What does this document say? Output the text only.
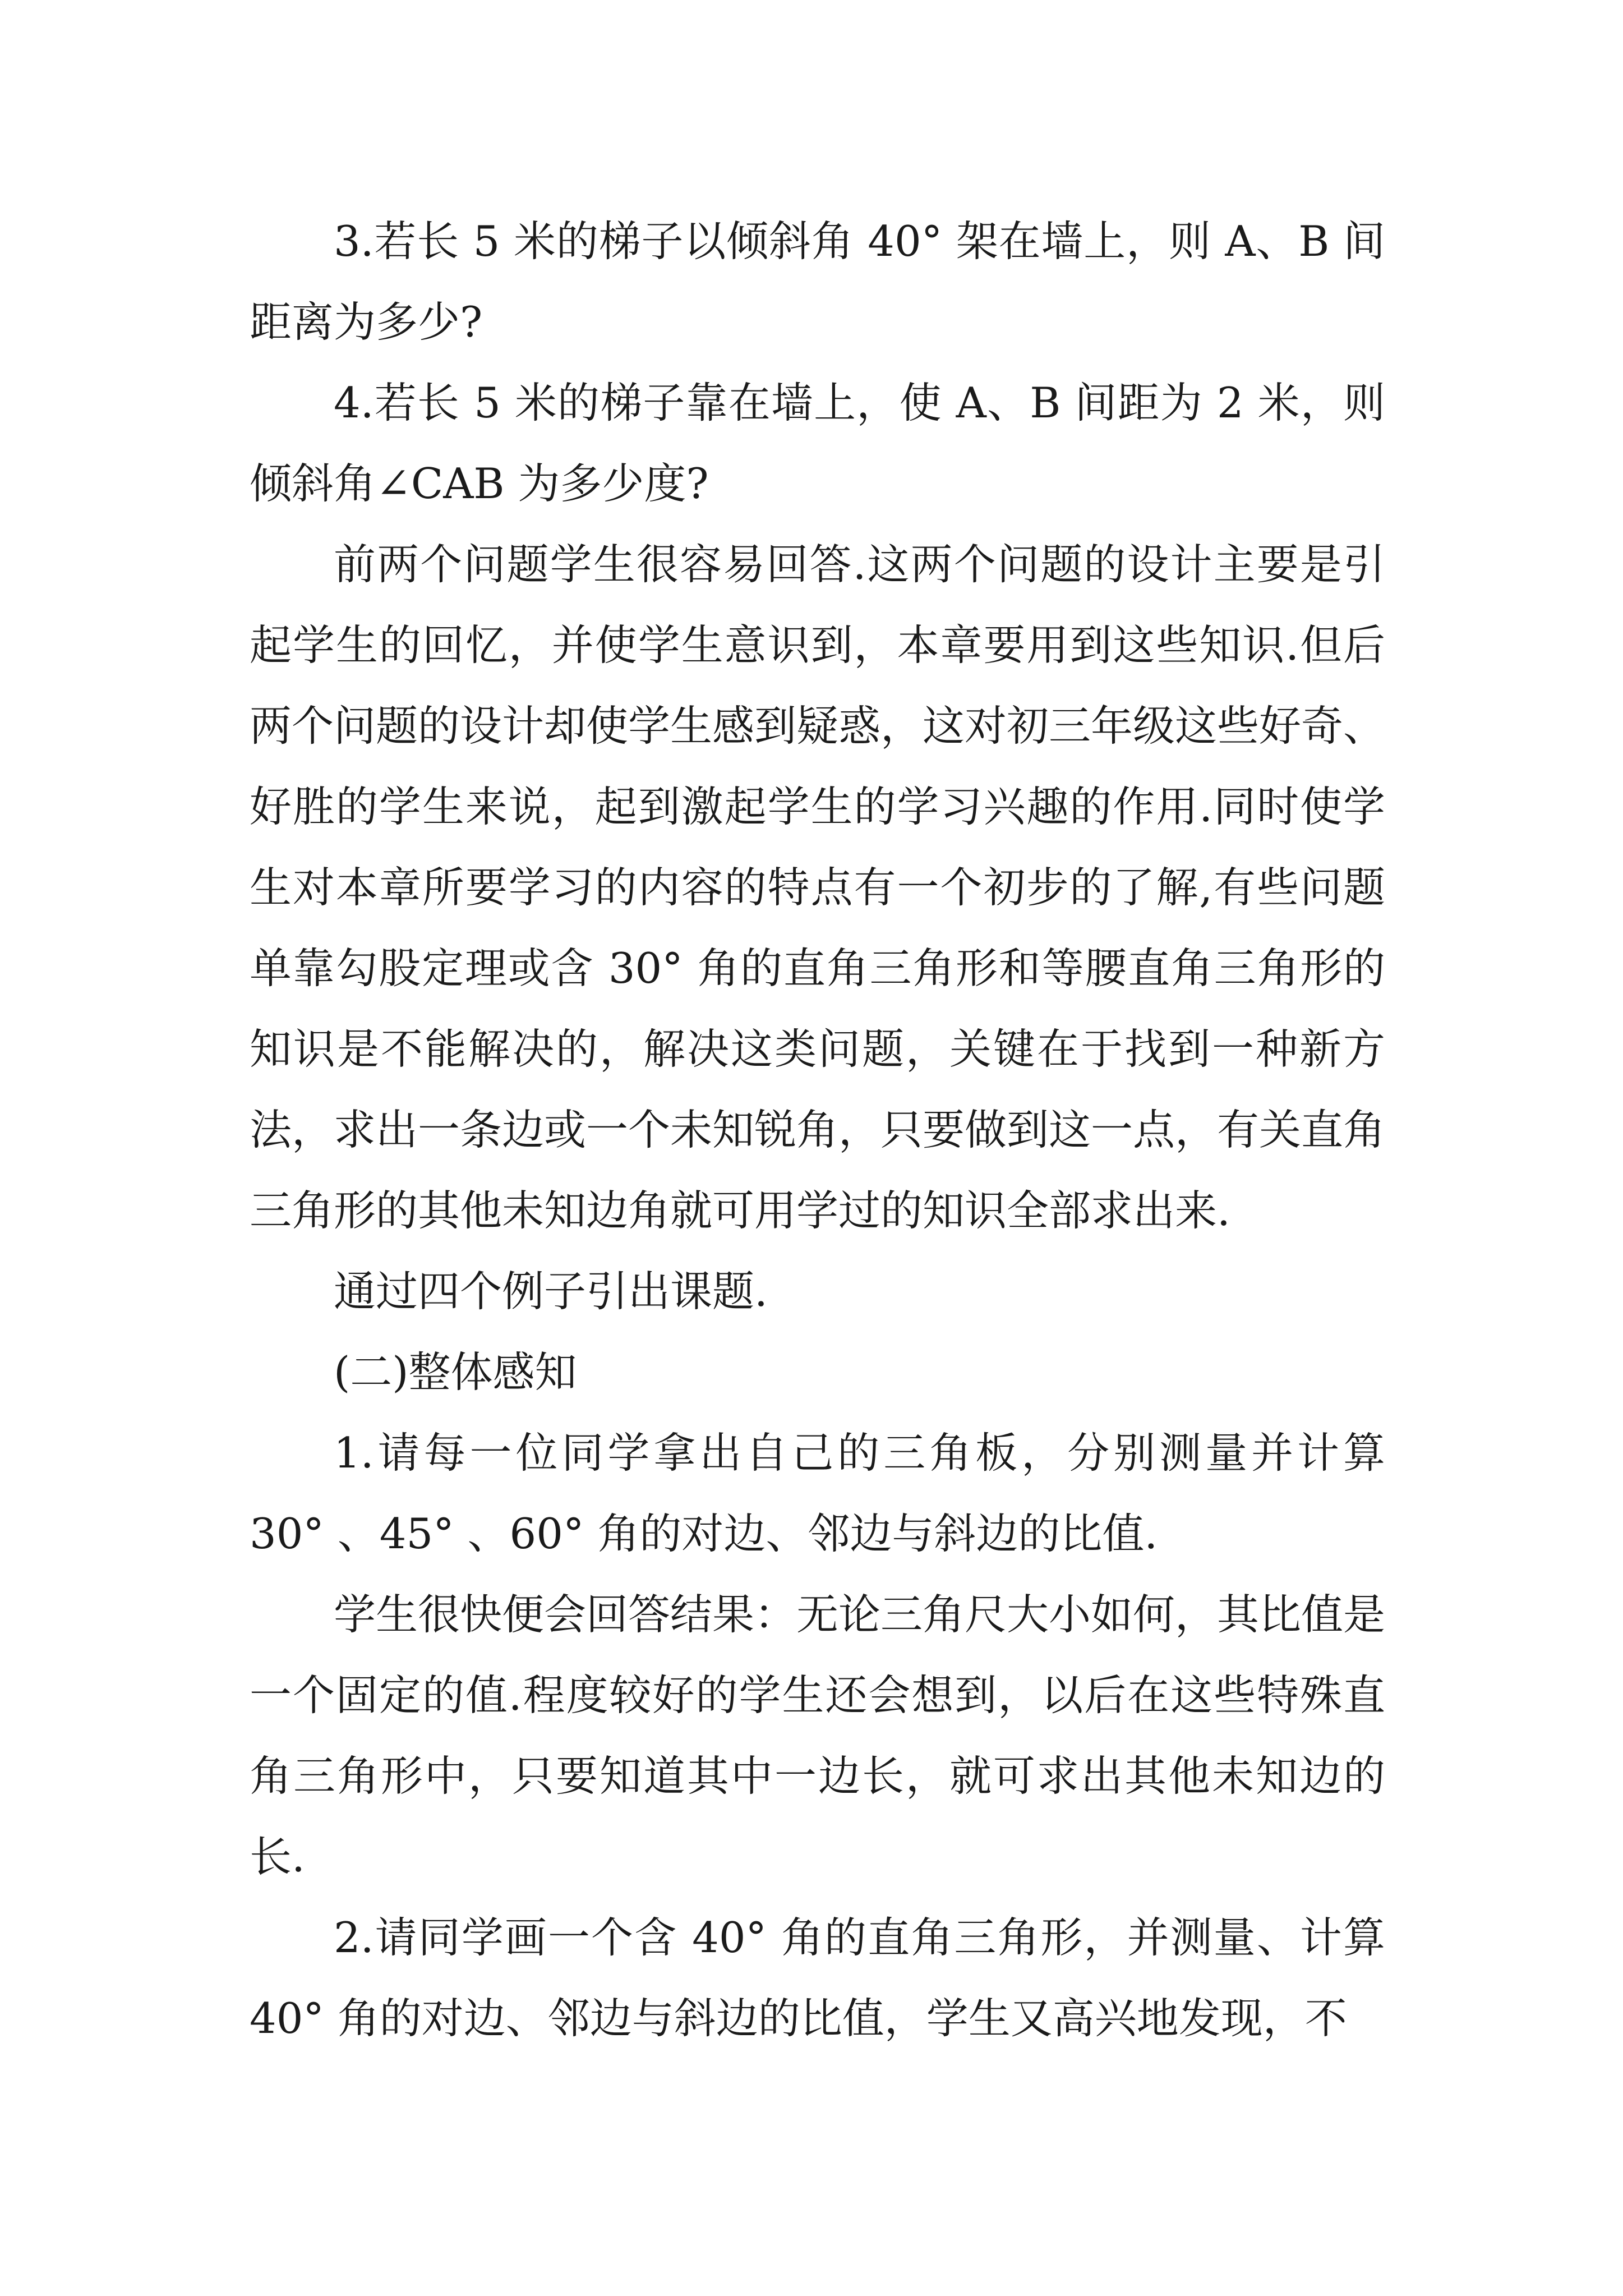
3.若长 5 米的梯子以倾斜角 40° 架在墙上，则 A、B 间距离为多少?

4.若长 5 米的梯子靠在墙上，使 A、B 间距为 2 米，则倾斜角∠CAB 为多少度?

前两个问题学生很容易回答.这两个问题的设计主要是引起学生的回忆，并使学生意识到，本章要用到这些知识.但后两个问题的设计却使学生感到疑惑，这对初三年级这些好奇、好胜的学生来说，起到激起学生的学习兴趣的作用.同时使学生对本章所要学习的内容的特点有一个初步的了解,有些问题单靠勾股定理或含 30° 角的直角三角形和等腰直角三角形的知识是不能解决的，解决这类问题，关键在于找到一种新方法，求出一条边或一个未知锐角，只要做到这一点，有关直角三角形的其他未知边角就可用学过的知识全部求出来.

通过四个例子引出课题.

(二)整体感知

1.请每一位同学拿出自己的三角板，分别测量并计算 30° 、45° 、60° 角的对边、邻边与斜边的比值.

学生很快便会回答结果：无论三角尺大小如何，其比值是一个固定的值.程度较好的学生还会想到，以后在这些特殊直角三角形中，只要知道其中一边长，就可求出其他未知边的长.

2.请同学画一个含 40° 角的直角三角形，并测量、计算 40° 角的对边、邻边与斜边的比值，学生又高兴地发现，不
